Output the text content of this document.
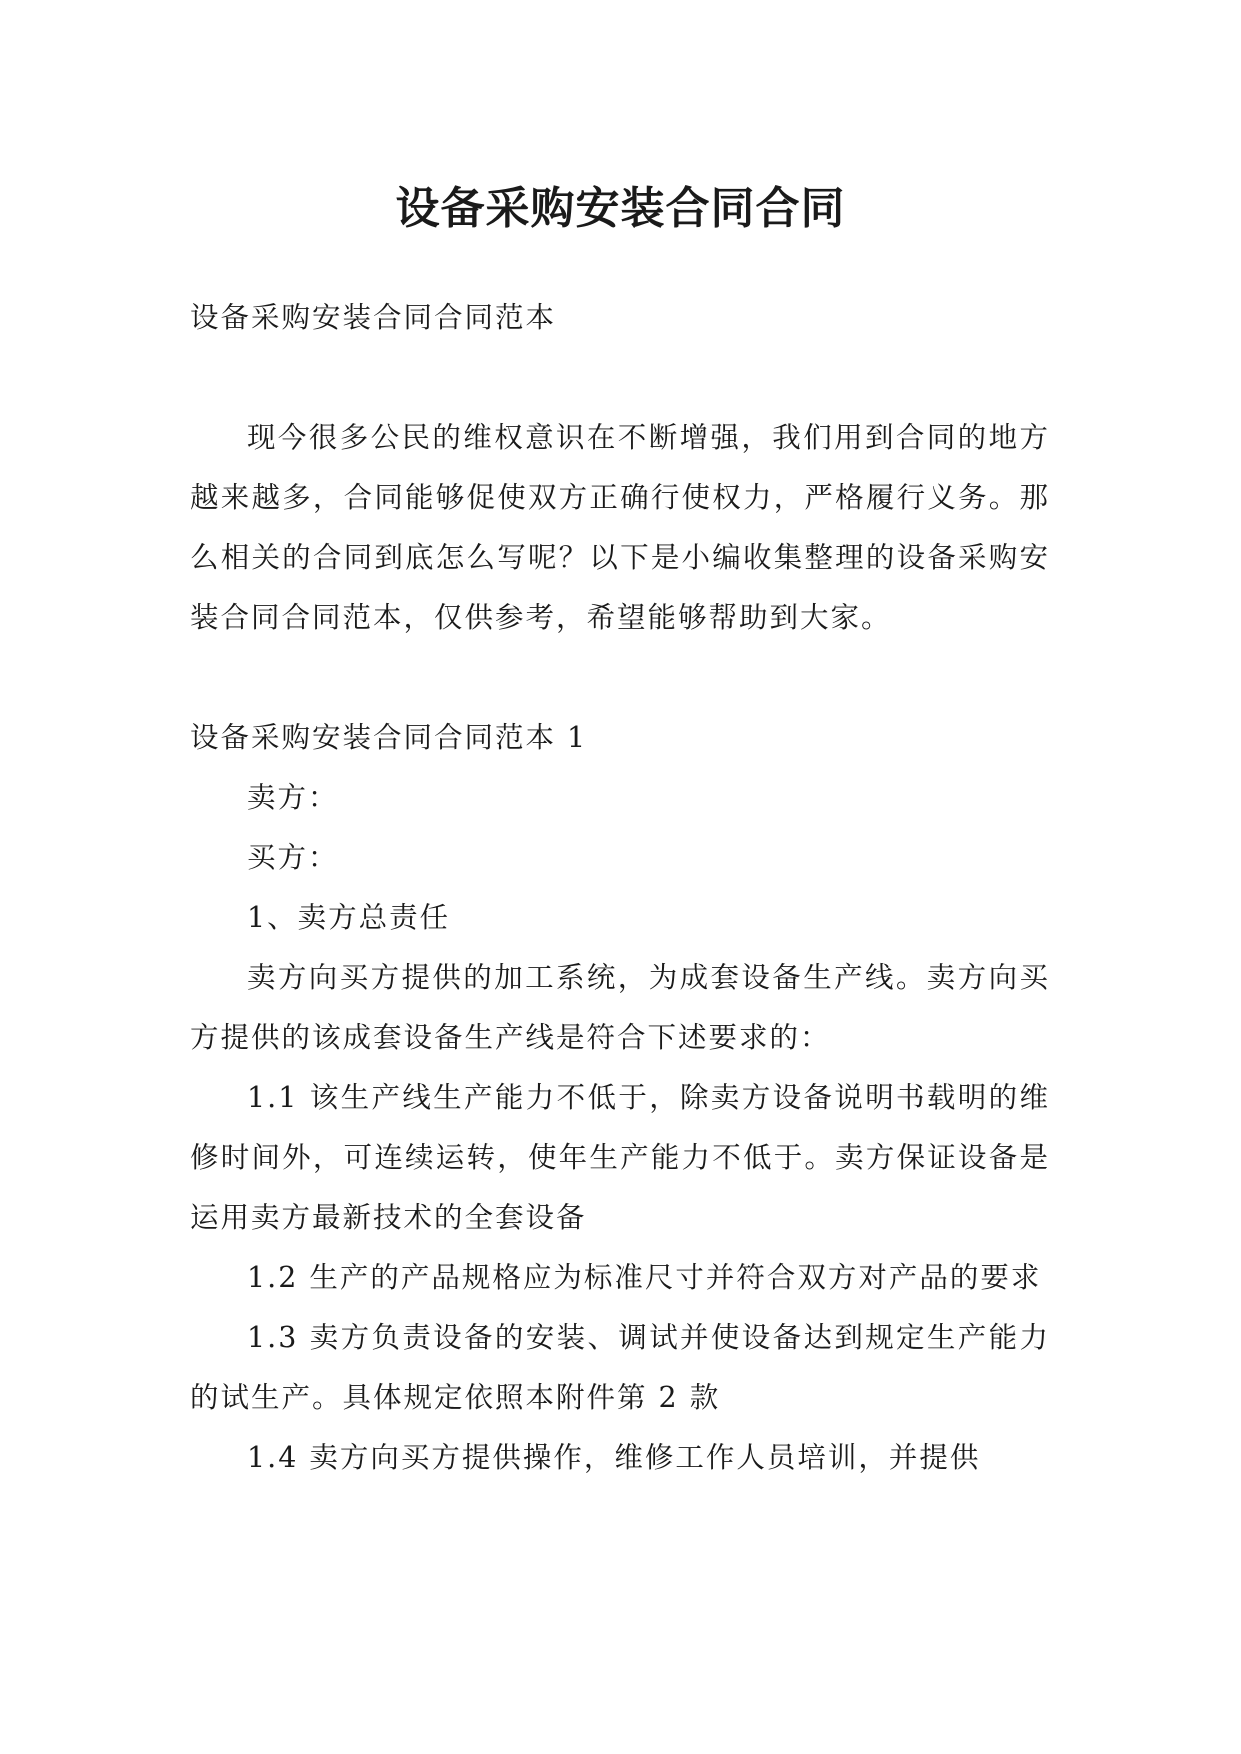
设备采购安装合同合同

设备采购安装合同合同范本

现今很多公民的维权意识在不断增强，我们用到合同的地方越来越多，合同能够促使双方正确行使权力，严格履行义务。那么相关的合同到底怎么写呢？以下是小编收集整理的设备采购安装合同合同范本，仅供参考，希望能够帮助到大家。

设备采购安装合同合同范本 1

卖方：

买方：

1、卖方总责任

卖方向买方提供的加工系统，为成套设备生产线。卖方向买方提供的该成套设备生产线是符合下述要求的：

1.1 该生产线生产能力不低于，除卖方设备说明书载明的维修时间外，可连续运转，使年生产能力不低于。卖方保证设备是运用卖方最新技术的全套设备

1.2 生产的产品规格应为标准尺寸并符合双方对产品的要求

1.3 卖方负责设备的安装、调试并使设备达到规定生产能力的试生产。具体规定依照本附件第 2 款

1.4 卖方向买方提供操作，维修工作人员培训，并提供
